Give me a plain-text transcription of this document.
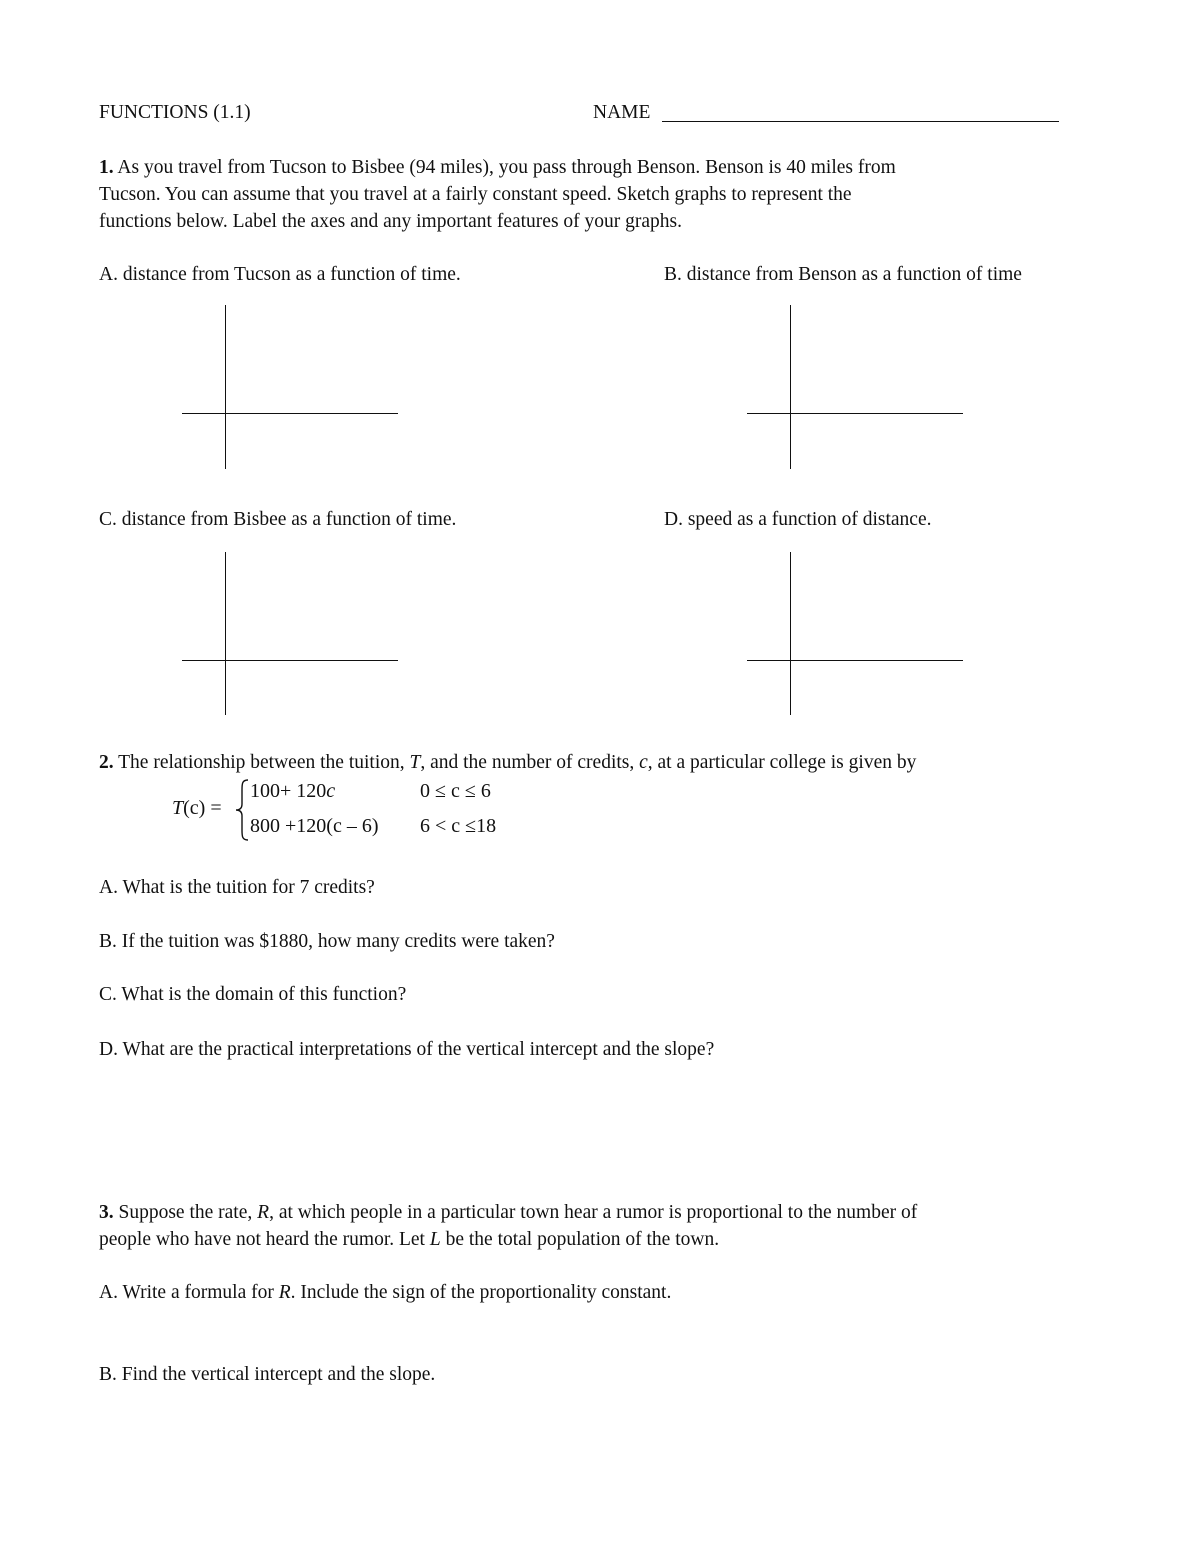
FUNCTIONS (1.1)	NAME
1. As you travel from Tucson to Bisbee (94 miles), you pass through Benson. Benson is 40 miles from
Tucson. You can assume that you travel at a fairly constant speed. Sketch graphs to represent the
functions below. Label the axes and any important features of your graphs.
A. distance from Tucson as a function of time.	B. distance from Benson as a function of time
C. distance from Bisbee as a function of time.	D. speed as a function of distance.
2. The relationship between the tuition, T, and the number of credits, c, at a particular college is given by
T(c) =
100+ 120c	0 ≤ c ≤ 6
800 +120(c – 6) 6 < c ≤18
A. What is the tuition for 7 credits?
B. If the tuition was $1880, how many credits were taken?
C. What is the domain of this function?
D. What are the practical interpretations of the vertical intercept and the slope?
3. Suppose the rate, R, at which people in a particular town hear a rumor is proportional to the number of
people who have not heard the rumor. Let L be the total population of the town.
A. Write a formula for R. Include the sign of the proportionality constant.
B. Find the vertical intercept and the slope.
